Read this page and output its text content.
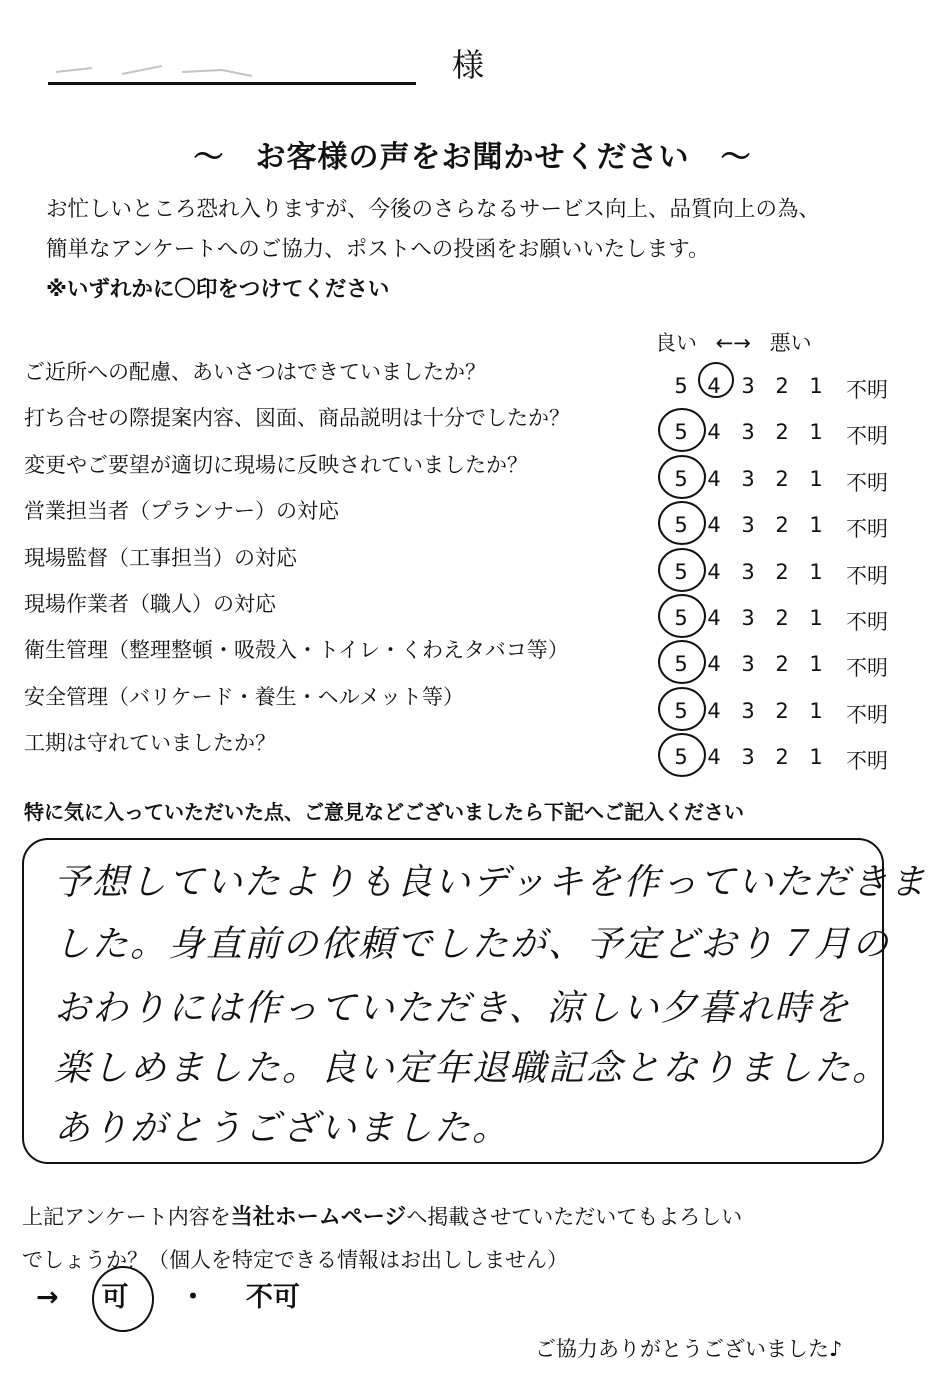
様
～　お客様の声をお聞かせください　～
お忙しいところ恐れ入りますが、今後のさらなるサービス向上、品質向上の為、
簡単なアンケートへのご協力、ポストへの投函をお願いいたします。
※いずれかに〇印をつけてください
良い ←→ 悪い
ご近所への配慮、あいさつはできていましたか？
5 4 3 2 1 不明
打ち合せの際提案内容、図面、商品説明は十分でしたか？
5 4 3 2 1 不明
変更やご要望が適切に現場に反映されていましたか？
5 4 3 2 1 不明
営業担当者（プランナー）の対応
5 4 3 2 1 不明
現場監督（工事担当）の対応
5 4 3 2 1 不明
現場作業者（職人）の対応
5 4 3 2 1 不明
衛生管理（整理整頓・吸殻入・トイレ・くわえタバコ等）
5 4 3 2 1 不明
安全管理（バリケード・養生・ヘルメット等）
5 4 3 2 1 不明
工期は守れていましたか？
5 4 3 2 1 不明
特に気に入っていただいた点、ご意見などございましたら下記へご記入ください
予想していたよりも良いデッキを作っていただきま
した。身直前の依頼でしたが、予定どおり７月の
おわりには作っていただき、涼しい夕暮れ時を
楽しめました。良い定年退職記念となりました。
ありがとうございました。
上記アンケート内容を当社ホームページへ掲載させていただいてもよろしい
でしょうか？（個人を特定できる情報はお出ししません）
→ 可 ・ 不可
ご協力ありがとうございました♪
